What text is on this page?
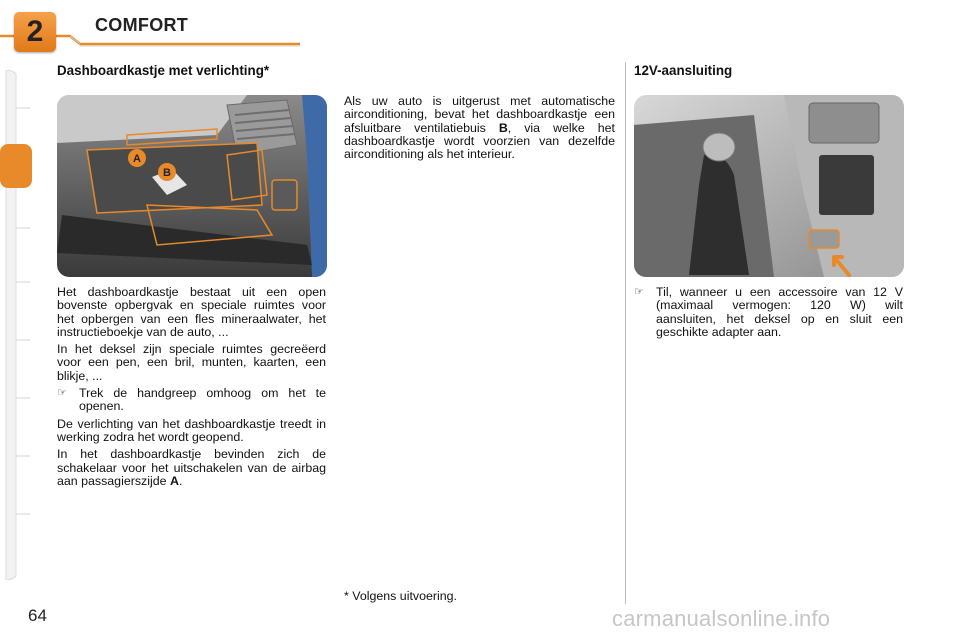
2	COMFORT
Dashboardkastje met verlichting*
A
B

Het dashboardkastje bestaat uit een open bovenste opbergvak en speciale ruimtes voor het opbergen van een fles mineraalwater, het instructieboekje van de auto, ...

In het deksel zijn speciale ruimtes gecreëerd voor een pen, een bril, munten, kaarten, een blikje, ...

☞ Trek de handgreep omhoog om het te openen.

De verlichting van het dashboardkastje treedt in werking zodra het wordt geopend.

In het dashboardkastje bevinden zich de schakelaar voor het uitschakelen van de airbag aan passagierszijde A.

Als uw auto is uitgerust met automatische airconditioning, bevat het dashboardkastje een afsluitbare ventilatiebuis B, via welke het dashboardkastje wordt voorzien van dezelfde airconditioning als het interieur.

* Volgens uitvoering.
12V-aansluiting
☞ Til, wanneer u een accessoire van 12 V (maximaal vermogen: 120 W) wilt aansluiten, het deksel op en sluit een geschikte adapter aan.
64	carmanualsonline.info
